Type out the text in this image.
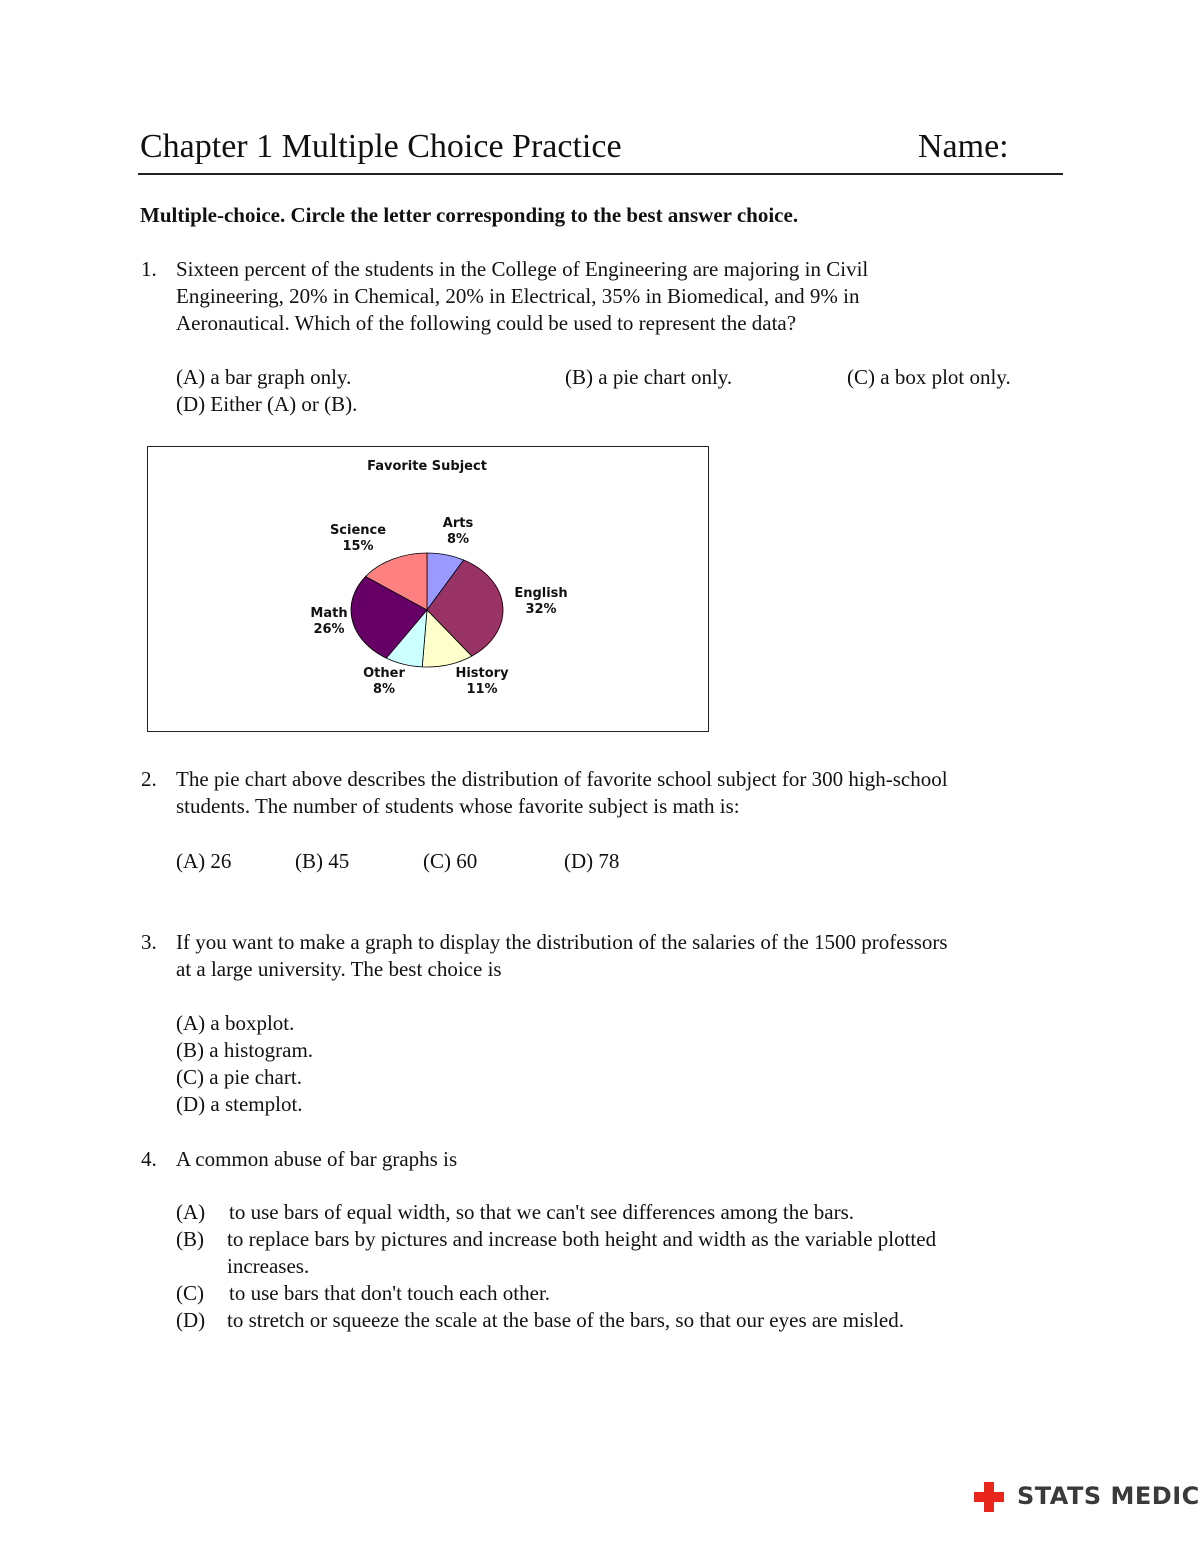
Chapter 1 Multiple Choice Practice	Name:
Multiple-choice. Circle the letter corresponding to the best answer choice.
1. Sixteen percent of the students in the College of Engineering are majoring in Civil
Engineering, 20% in Chemical, 20% in Electrical, 35% in Biomedical, and 9% in
Aeronautical. Which of the following could be used to represent the data?
(A) a bar graph only.	(B) a pie chart only.	(C) a box plot only.
(D) Either (A) or (B).
Favorite Subject
Arts
8%
English
32%
History
11%
Other
8%
Math
26%
Science
15%
2. The pie chart above describes the distribution of favorite school subject for 300 high-school
students. The number of students whose favorite subject is math is:
(A) 26	(B) 45	(C) 60	(D) 78
3. If you want to make a graph to display the distribution of the salaries of the 1500 professors
at a large university. The best choice is
(A) a boxplot.
(B) a histogram.
(C) a pie chart.
(D) a stemplot.
4. A common abuse of bar graphs is
(A) to use bars of equal width, so that we can't see differences among the bars.
(B) to replace bars by pictures and increase both height and width as the variable plotted
increases.
(C) to use bars that don't touch each other.
(D) to stretch or squeeze the scale at the base of the bars, so that our eyes are misled.
STATS MEDIC
